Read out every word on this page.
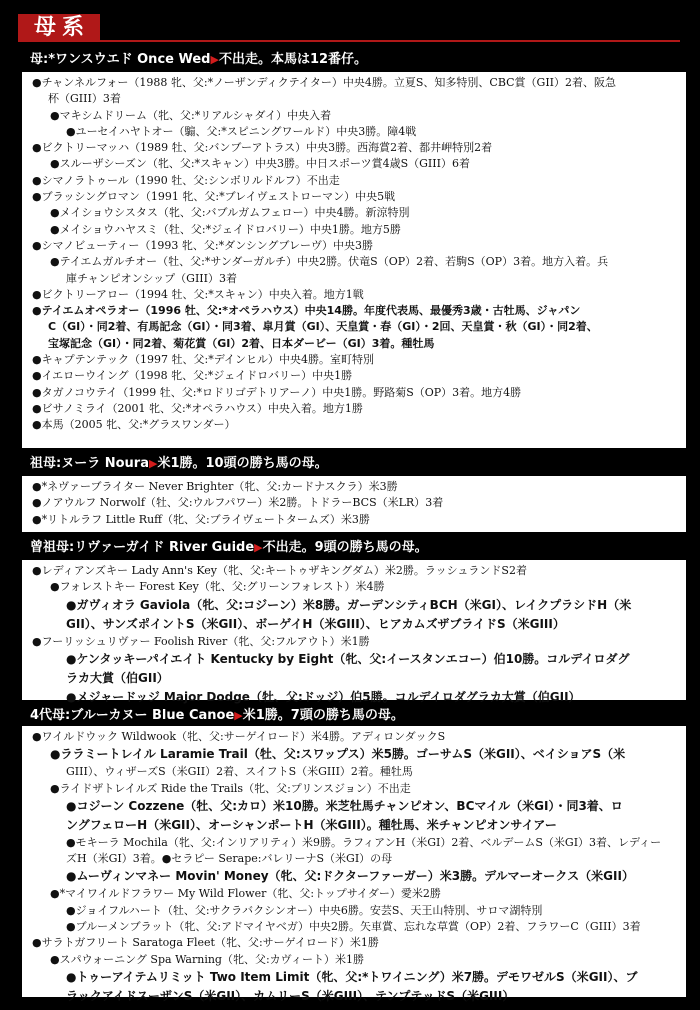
母系
母:*ワンスウエド Once Wed▶不出走。本馬は12番仔。
●チャンネルフォー（1988 牝、父:*ノーザンディクテイター）中央4勝。立夏S、知多特別、CBC賞（GII）2着、阪急
杯（GIII）3着
●マキシムドリーム（牝、父:*リアルシャダイ）中央入着
●ユーセイハヤトオー（騸、父:*スピニングワールド）中央3勝。障4戦
●ビクトリーマッハ（1989 牡、父:バンブーアトラス）中央3勝。西海賞2着、都井岬特別2着
●スルーザシーズン（牝、父:*スキャン）中央3勝。中日スポーツ賞4歳S（GIII）6着
●シマノラトゥール（1990 牡、父:シンボリルドルフ）不出走
●ブラッシングロマン（1991 牝、父:*ブレイヴェストローマン）中央5戦
●メイショウシスタス（牝、父:バブルガムフェロー）中央4勝。新涼特別
●メイショウハヤスミ（牡、父:*ジェイドロバリー）中央1勝。地方5勝
●シマノビューティー（1993 牝、父:*ダンシングブレーヴ）中央3勝
●テイエムガルチオー（牡、父:*サンダーガルチ）中央2勝。伏竜S（OP）2着、若駒S（OP）3着。地方入着。兵
庫チャンピオンシップ（GIII）3着
●ビクトリーアロー（1994 牡、父:*スキャン）中央入着。地方1戦
●テイエムオペラオー（1996 牡、父:*オペラハウス）中央14勝。年度代表馬、最優秀3歳・古牡馬、ジャパン
C（GI）・同2着、有馬記念（GI）・同3着、皐月賞（GI）、天皇賞・春（GI）・2回、天皇賞・秋（GI）・同2着、
宝塚記念（GI）・同2着、菊花賞（GI）2着、日本ダービー（GI）3着。種牡馬
●キャプテンテック（1997 牡、父:*デインヒル）中央4勝。室町特別
●イエローウイング（1998 牝、父:*ジェイドロバリー）中央1勝
●タガノコウテイ（1999 牡、父:*ロドリゴデトリアーノ）中央1勝。野路菊S（OP）3着。地方4勝
●ビサノミライ（2001 牝、父:*オペラハウス）中央入着。地方1勝
●本馬（2005 牝、父:*グラスワンダー）
祖母:ヌーラ Noura▶米1勝。10頭の勝ち馬の母。
●*ネヴァーブライター Never Brighter（牝、父:カードナスクラ）米3勝
●ノアウルフ Norwolf（牡、父:ウルフパワー）米2勝。トドラーBCS（米LR）3着
●*リトルラフ Little Ruff（牝、父:ブライヴェートタームズ）米3勝
曾祖母:リヴァーガイド River Guide▶不出走。9頭の勝ち馬の母。
●レディアンズキー Lady Ann's Key（牝、父:キートゥザキングダム）米2勝。ラッシュランドS2着
●フォレストキー Forest Key（牝、父:グリーンフォレスト）米4勝
●ガヴィオラ Gaviola（牝、父:コジーン）米8勝。ガーデンシティBCH（米GI）、レイクプラシドH（米
GII）、サンズポイントS（米GII）、ボーゲイH（米GIII）、ヒアカムズザブライドS（米GIII）
●フーリッシュリヴァー Foolish River（牝、父:フルアウト）米1勝
●ケンタッキーパイエイト Kentucky by Eight（牝、父:イースタンエコー）伯10勝。コルデイロダグ
ラカ大賞（伯GII）
●メジャードッジ Major Dodge（牡、父:ドッジ）伯5勝。コルデイロダグラカ大賞（伯GII）
4代母:ブルーカヌー Blue Canoe▶米1勝。7頭の勝ち馬の母。
●ワイルドウック Wildwook（牝、父:サーゲイロード）米4勝。アディロンダックS
●ララミートレイル Laramie Trail（牡、父:スワップス）米5勝。ゴーサムS（米GII）、ベイショアS（米
GIII）、ウィザーズS（米GII）2着、スイフトS（米GIII）2着。種牡馬
●ライドザトレイルズ Ride the Trails（牝、父:プリンスジョン）不出走
●コジーン Cozzene（牡、父:カロ）米10勝。米芝牡馬チャンピオン、BCマイル（米GI）・同3着、ロ
ングフェローH（米GII）、オーシャンポートH（米GIII）。種牡馬、米チャンピオンサイアー
●モキーラ Mochila（牝、父:インリアリティ）米9勝。ラフィアンH（米GI）2着、ベルデームS（米GI）3着、レディー
ズH（米GI）3着。●セラピー Serape:バレリーナS（米GI）の母
●ムーヴィンマネー Movin' Money（牝、父:ドクターファーガー）米3勝。デルマーオークス（米GII）
●*マイワイルドフラワー My Wild Flower（牝、父:トップサイダー）愛米2勝
●ジョイフルハート（牡、父:サクラバクシンオー）中央6勝。安芸S、天王山特別、サロマ湖特別
●ブルーメンブラット（牝、父:アドマイヤベガ）中央2勝。矢車賞、忘れな草賞（OP）2着、フラワーC（GIII）3着
●サラトガフリート Saratoga Fleet（牝、父:サーゲイロード）米1勝
●スパウォーニング Spa Warning（牝、父:カヴィート）米1勝
●トゥーアイテムリミット Two Item Limit（牝、父:*トワイニング）米7勝。デモワゼルS（米GII）、ブ
ラックアイドスーザンS（米GII）、カムリーS（米GIII）、テンプテッドS（米GIII）
